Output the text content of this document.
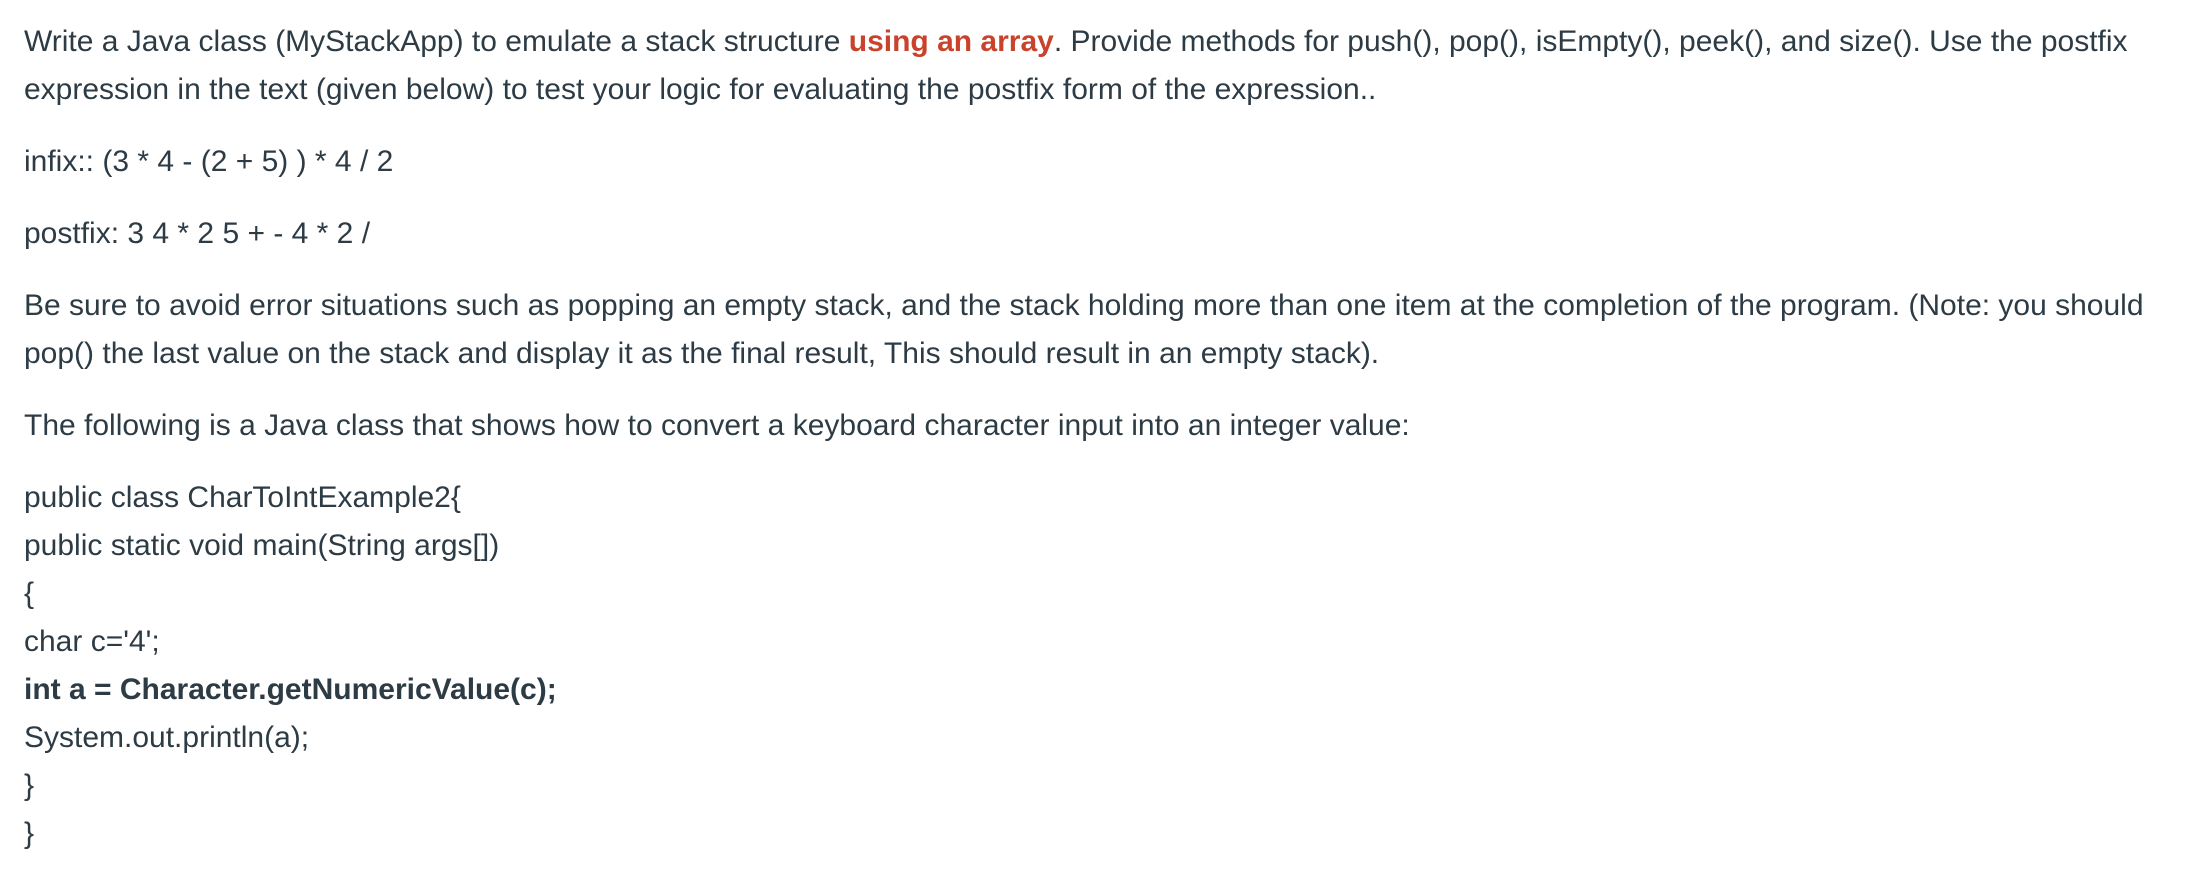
Write a Java class (MyStackApp) to emulate a stack structure using an array. Provide methods for push(), pop(), isEmpty(), peek(), and size(). Use the postfix expression in the text (given below) to test your logic for evaluating the postfix form of the expression..

infix:: (3 * 4 - (2 + 5) ) * 4 / 2

postfix: 3 4 * 2 5 + - 4 * 2 /

Be sure to avoid error situations such as popping an empty stack, and the stack holding more than one item at the completion of the program. (Note: you should pop() the last value on the stack and display it as the final result, This should result in an empty stack).

The following is a Java class that shows how to convert a keyboard character input into an integer value:

public class CharToIntExample2{
public static void main(String args[])
{
char c='4';
int a = Character.getNumericValue(c);
System.out.println(a);
}
}
